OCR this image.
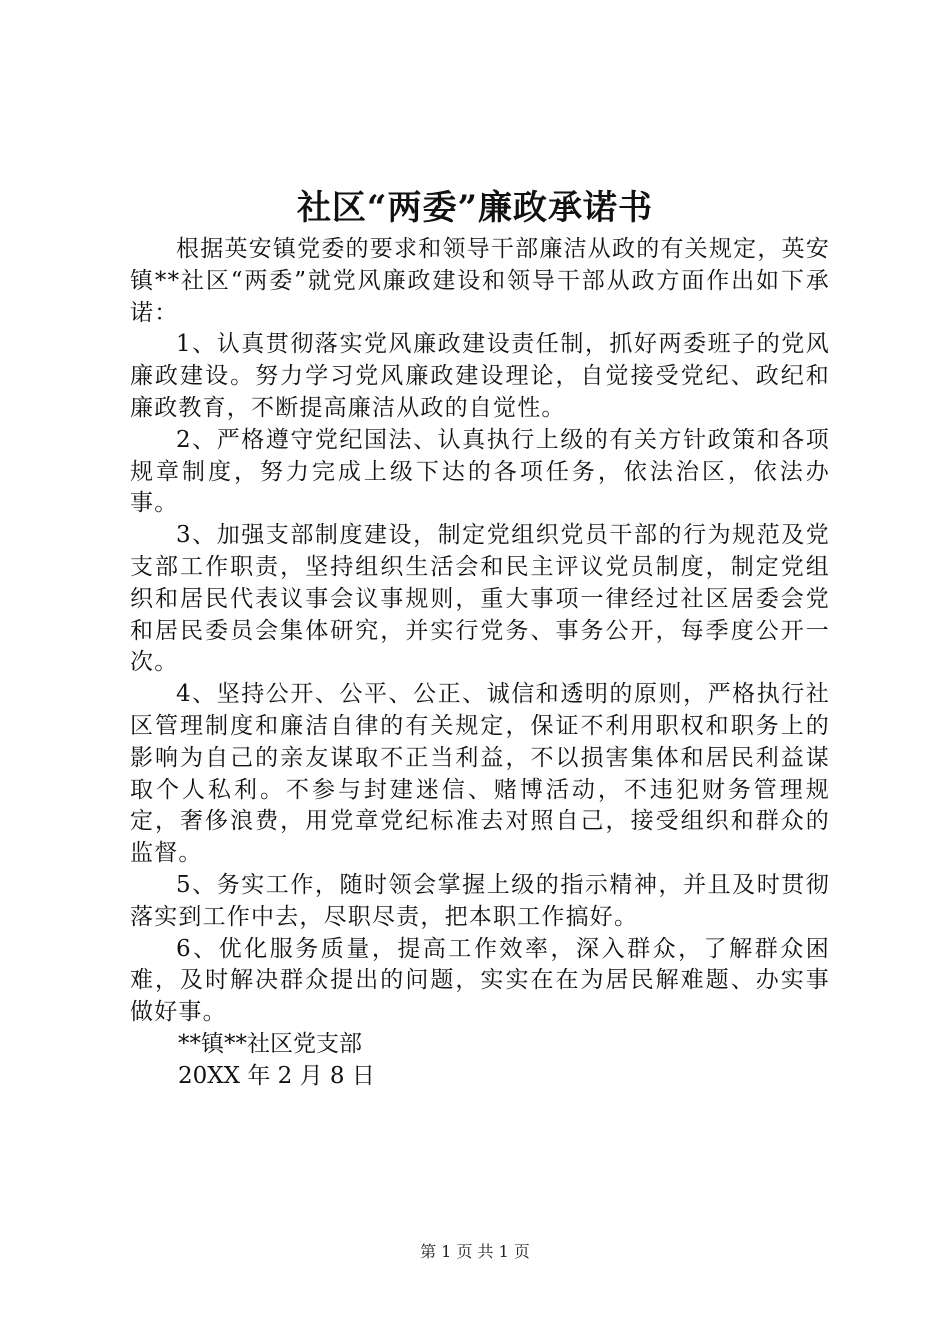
社区“两委”廉政承诺书

根据英安镇党委的要求和领导干部廉洁从政的有关规定，英安镇**社区“两委”就党风廉政建设和领导干部从政方面作出如下承诺：

1、认真贯彻落实党风廉政建设责任制，抓好两委班子的党风廉政建设。努力学习党风廉政建设理论，自觉接受党纪、政纪和廉政教育，不断提高廉洁从政的自觉性。

2、严格遵守党纪国法、认真执行上级的有关方针政策和各项规章制度，努力完成上级下达的各项任务，依法治区，依法办事。

3、加强支部制度建设，制定党组织党员干部的行为规范及党支部工作职责，坚持组织生活会和民主评议党员制度，制定党组织和居民代表议事会议事规则，重大事项一律经过社区居委会党和居民委员会集体研究，并实行党务、事务公开，每季度公开一次。

4、坚持公开、公平、公正、诚信和透明的原则，严格执行社区管理制度和廉洁自律的有关规定，保证不利用职权和职务上的影响为自己的亲友谋取不正当利益，不以损害集体和居民利益谋取个人私利。不参与封建迷信、赌博活动，不违犯财务管理规定，奢侈浪费，用党章党纪标准去对照自己，接受组织和群众的监督。

5、务实工作，随时领会掌握上级的指示精神，并且及时贯彻落实到工作中去，尽职尽责，把本职工作搞好。

6、优化服务质量，提高工作效率，深入群众，了解群众困难，及时解决群众提出的问题，实实在在为居民解难题、办实事做好事。

**镇**社区党支部

20XX 年 2 月 8 日

第 1 页 共 1 页
